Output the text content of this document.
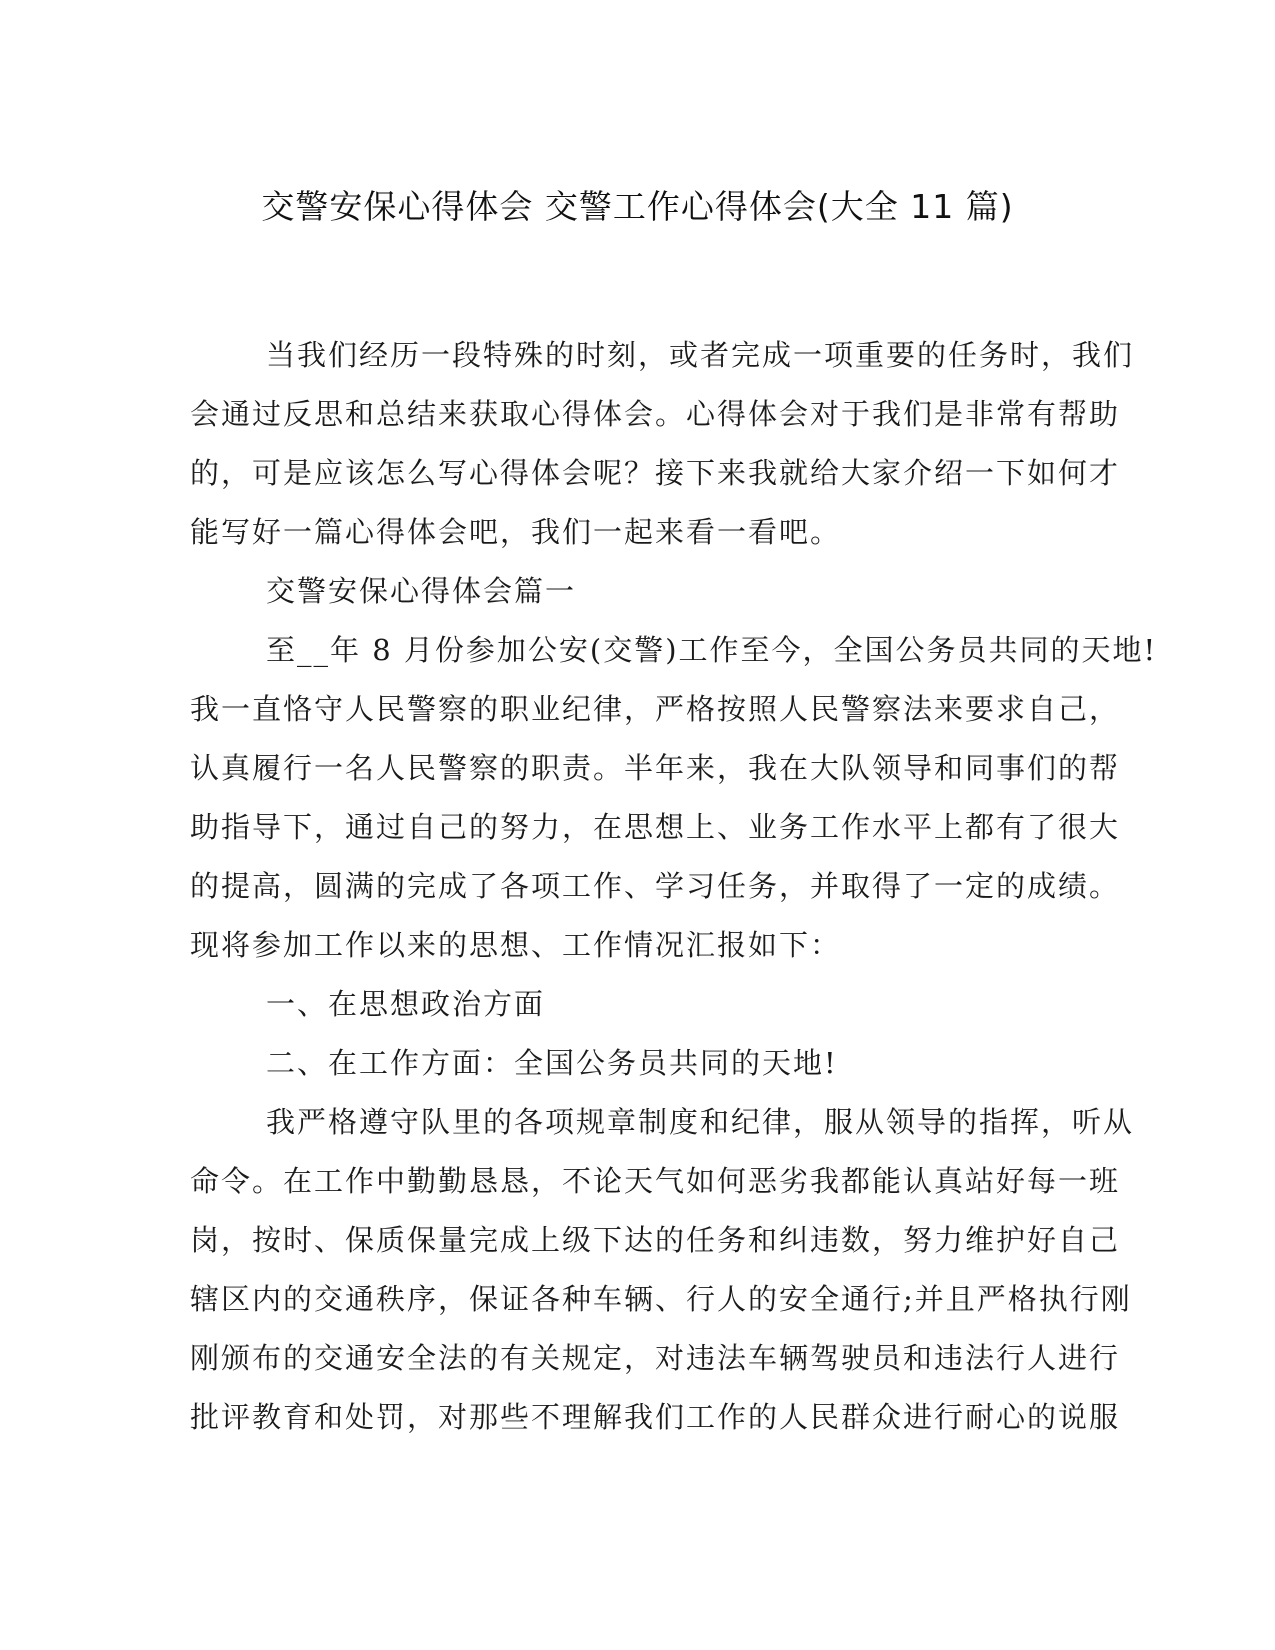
交警安保心得体会 交警工作心得体会(大全 11 篇)
当我们经历一段特殊的时刻，或者完成一项重要的任务时，我们
会通过反思和总结来获取心得体会。心得体会对于我们是非常有帮助
的，可是应该怎么写心得体会呢？接下来我就给大家介绍一下如何才
能写好一篇心得体会吧，我们一起来看一看吧。
交警安保心得体会篇一
至__年 8 月份参加公安(交警)工作至今，全国公务员共同的天地!
我一直恪守人民警察的职业纪律，严格按照人民警察法来要求自己，
认真履行一名人民警察的职责。半年来，我在大队领导和同事们的帮
助指导下，通过自己的努力，在思想上、业务工作水平上都有了很大
的提高，圆满的完成了各项工作、学习任务，并取得了一定的成绩。
现将参加工作以来的思想、工作情况汇报如下：
一、在思想政治方面
二、在工作方面：全国公务员共同的天地!
我严格遵守队里的各项规章制度和纪律，服从领导的指挥，听从
命令。在工作中勤勤恳恳，不论天气如何恶劣我都能认真站好每一班
岗，按时、保质保量完成上级下达的任务和纠违数，努力维护好自己
辖区内的交通秩序，保证各种车辆、行人的安全通行;并且严格执行刚
刚颁布的交通安全法的有关规定，对违法车辆驾驶员和违法行人进行
批评教育和处罚，对那些不理解我们工作的人民群众进行耐心的说服
